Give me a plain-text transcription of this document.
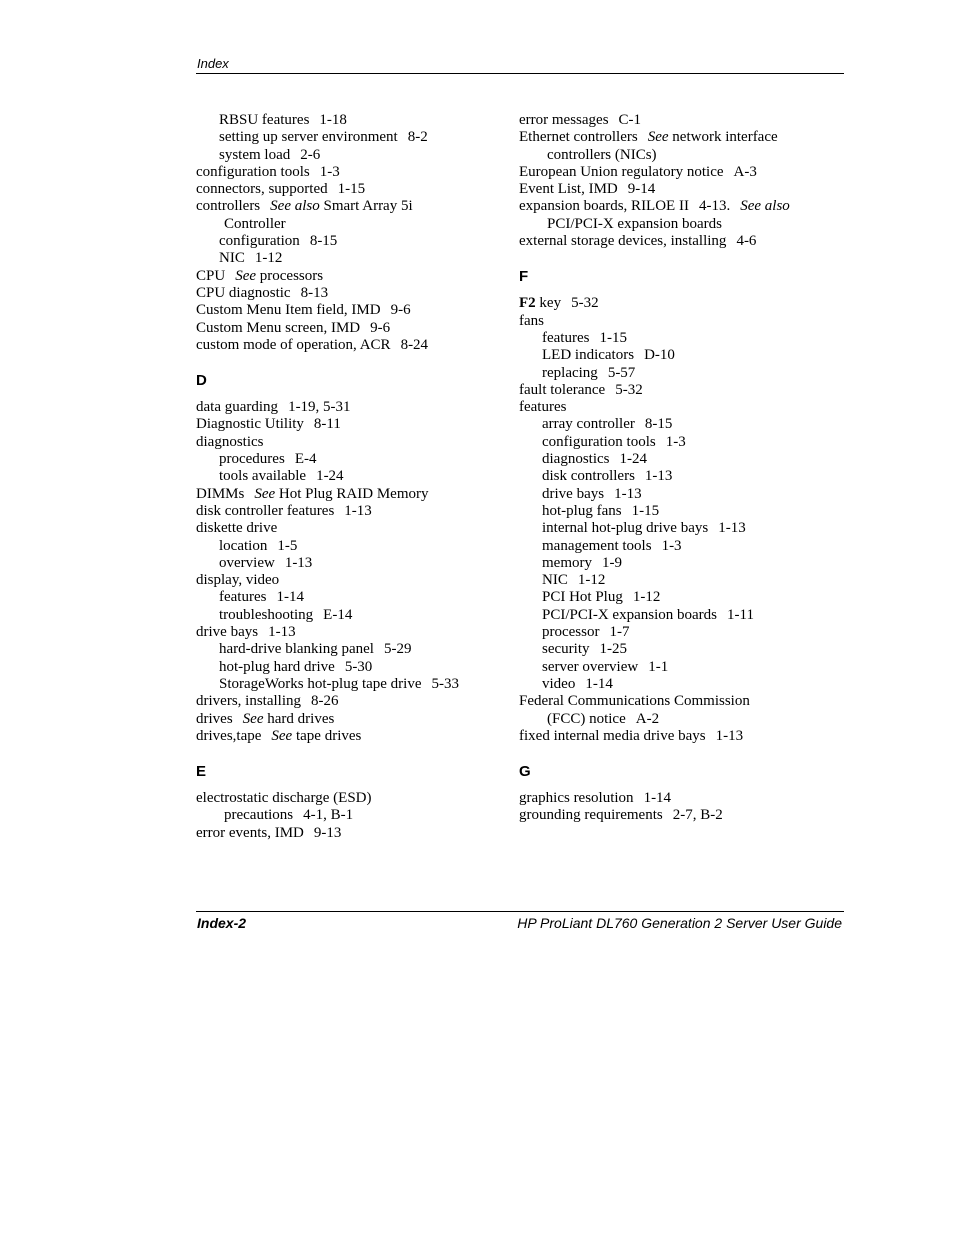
Index
RBSU features 1-18
setting up server environment 8-2
system load 2-6
configuration tools 1-3
connectors, supported 1-15
controllers See also Smart Array 5i
Controller
configuration 8-15
NIC 1-12
CPU See processors
CPU diagnostic 8-13
Custom Menu Item field, IMD 9-6
Custom Menu screen, IMD 9-6
custom mode of operation, ACR 8-24
D
data guarding 1-19, 5-31
Diagnostic Utility 8-11
diagnostics
procedures E-4
tools available 1-24
DIMMs See Hot Plug RAID Memory
disk controller features 1-13
diskette drive
location 1-5
overview 1-13
display, video
features 1-14
troubleshooting E-14
drive bays 1-13
hard-drive blanking panel 5-29
hot-plug hard drive 5-30
StorageWorks hot-plug tape drive 5-33
drivers, installing 8-26
drives See hard drives
drives,tape See tape drives
E
electrostatic discharge (ESD)
precautions 4-1, B-1
error events, IMD 9-13
error messages C-1
Ethernet controllers See network interface
controllers (NICs)
European Union regulatory notice A-3
Event List, IMD 9-14
expansion boards, RILOE II 4-13. See also
PCI/PCI-X expansion boards
external storage devices, installing 4-6
F
F2 key 5-32
fans
features 1-15
LED indicators D-10
replacing 5-57
fault tolerance 5-32
features
array controller 8-15
configuration tools 1-3
diagnostics 1-24
disk controllers 1-13
drive bays 1-13
hot-plug fans 1-15
internal hot-plug drive bays 1-13
management tools 1-3
memory 1-9
NIC 1-12
PCI Hot Plug 1-12
PCI/PCI-X expansion boards 1-11
processor 1-7
security 1-25
server overview 1-1
video 1-14
Federal Communications Commission
(FCC) notice A-2
fixed internal media drive bays 1-13
G
graphics resolution 1-14
grounding requirements 2-7, B-2
Index-2	HP ProLiant DL760 Generation 2 Server User Guide
